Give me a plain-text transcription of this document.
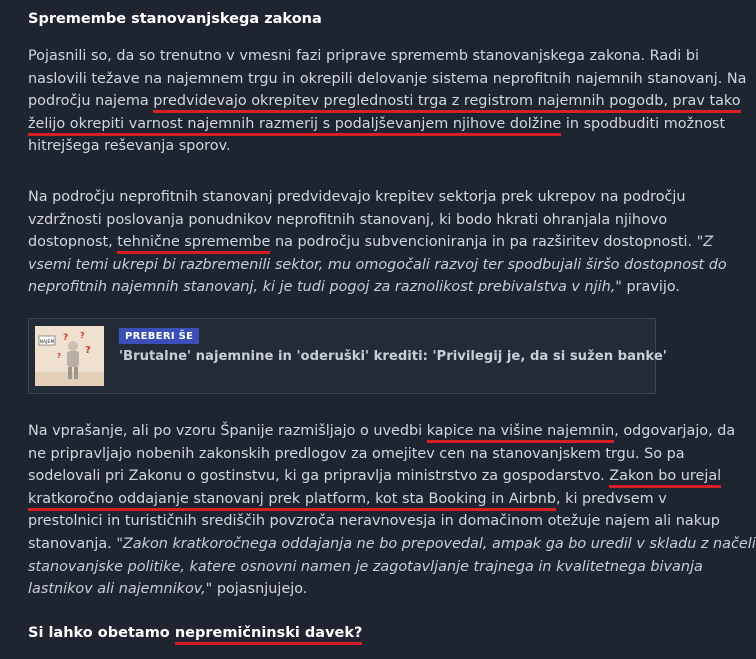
Spremembe stanovanjskega zakona

Pojasnili so, da so trenutno v vmesni fazi priprave sprememb stanovanjskega zakona. Radi bi
naslovili težave na najemnem trgu in okrepili delovanje sistema neprofitnih najemnih stanovanj. Na
področju najema predvidevajo okrepitev preglednosti trga z registrom najemnih pogodb, prav tako
želijo okrepiti varnost najemnih razmerij s podaljševanjem njihove dolžine in spodbuditi možnost
hitrejšega reševanja sporov.

Na področju neprofitnih stanovanj predvidevajo krepitev sektorja prek ukrepov na področju
vzdržnosti poslovanja ponudnikov neprofitnih stanovanj, ki bodo hkrati ohranjala njihovo
dostopnost, tehnične spremembe na področju subvencioniranja in pa razširitev dostopnosti. "Z
vsemi temi ukrepi bi razbremenili sektor, mu omogočali razvoj ter spodbujali širšo dostopnost do
neprofitnih najemnih stanovanj, ki je tudi pogoj za raznolikost prebivalstva v njih," pravijo.

Na vprašanje, ali po vzoru Španije razmišljajo o uvedbi kapice na višine najemnin, odgovarjajo, da
ne pripravljajo nobenih zakonskih predlogov za omejitev cen na stanovanjskem trgu. So pa
sodelovali pri Zakonu o gostinstvu, ki ga pripravlja ministrstvo za gospodarstvo. Zakon bo urejal
kratkoročno oddajanje stanovanj prek platform, kot sta Booking in Airbnb, ki predvsem v
prestolnici in turističnih središčih povzroča neravnovesja in domačinom otežuje najem ali nakup
stanovanja. "Zakon kratkoročnega oddajanja ne bo prepovedal, ampak ga bo uredil v skladu z načeli
stanovanjske politike, katere osnovni namen je zagotavljanje trajnega in kvalitetnega bivanja
lastnikov ali najemnikov," pojasnjujejo.

Si lahko obetamo nepremičninski davek?
NAJEM ? ?
?
?
PREBERI ŠE
'Brutalne' najemnine in 'oderuški' krediti: 'Privilegij je, da si sužen banke'
